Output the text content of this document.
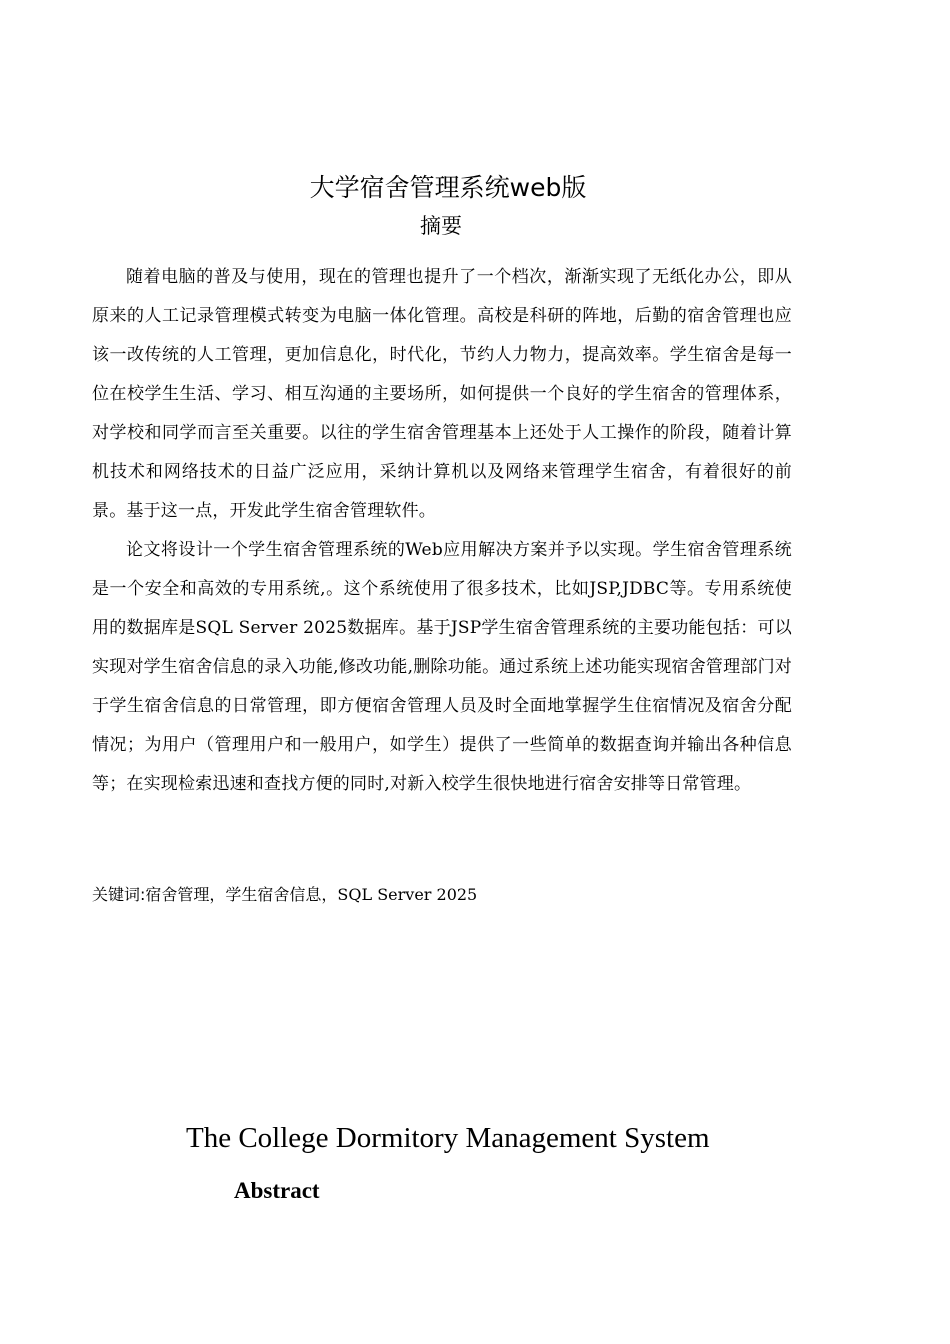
大学宿舍管理系统web版
摘要

随着电脑的普及与使用，现在的管理也提升了一个档次，渐渐实现了无纸化办公，即从原来的人工记录管理模式转变为电脑一体化管理。高校是科研的阵地，后勤的宿舍管理也应该一改传统的人工管理，更加信息化，时代化，节约人力物力，提高效率。学生宿舍是每一位在校学生生活、学习、相互沟通的主要场所，如何提供一个良好的学生宿舍的管理体系，对学校和同学而言至关重要。以往的学生宿舍管理基本上还处于人工操作的阶段，随着计算机技术和网络技术的日益广泛应用，采纳计算机以及网络来管理学生宿舍，有着很好的前景。基于这一点，开发此学生宿舍管理软件。

论文将设计一个学生宿舍管理系统的Web应用解决方案并予以实现。学生宿舍管理系统是一个安全和高效的专用系统,。这个系统使用了很多技术，比如JSP,JDBC等。专用系统使用的数据库是SQL Server 2025数据库。基于JSP学生宿舍管理系统的主要功能包括：可以实现对学生宿舍信息的录入功能,修改功能,删除功能。通过系统上述功能实现宿舍管理部门对于学生宿舍信息的日常管理，即方便宿舍管理人员及时全面地掌握学生住宿情况及宿舍分配情况；为用户（管理用户和一般用户，如学生）提供了一些简单的数据查询并输出各种信息等；在实现检索迅速和查找方便的同时,对新入校学生很快地进行宿舍安排等日常管理。

关键词:宿舍管理，学生宿舍信息，SQL Server 2025
The College Dormitory Management System
Abstract
